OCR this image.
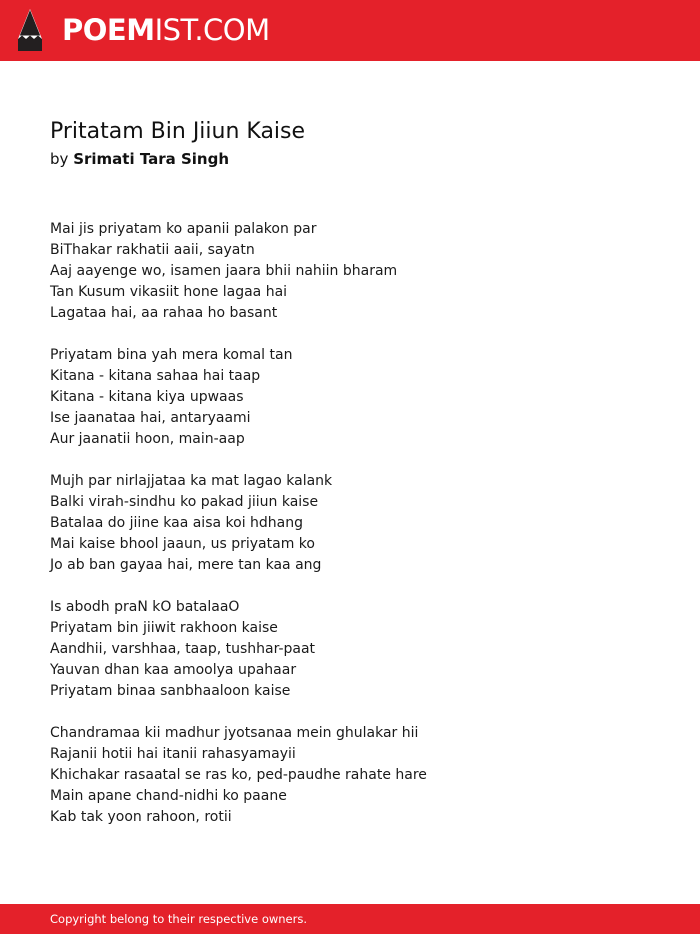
POEMIST.COM
Pritatam Bin Jiiun Kaise
by Srimati Tara Singh
Mai jis priyatam ko apanii palakon par
BiThakar rakhatii aaii, sayatn
Aaj aayenge wo, isamen jaara bhii nahiin bharam
Tan Kusum vikasiit hone lagaa hai
Lagataa hai, aa rahaa ho basant
Priyatam bina yah mera komal tan
Kitana - kitana sahaa hai taap
Kitana - kitana kiya upwaas
Ise jaanataa hai, antaryaami
Aur jaanatii hoon, main-aap
Mujh par nirlajjataa ka mat lagao kalank
Balki virah-sindhu ko pakad jiiun kaise
Batalaa do jiine kaa aisa koi hdhang
Mai kaise bhool jaaun, us priyatam ko
Jo ab ban gayaa hai, mere tan kaa ang
Is abodh praN kO batalaaO
Priyatam bin jiiwit rakhoon kaise
Aandhii, varshhaa, taap, tushhar-paat
Yauvan dhan kaa amoolya upahaar
Priyatam binaa sanbhaaloon kaise
Chandramaa kii madhur jyotsanaa mein ghulakar hii
Rajanii hotii hai itanii rahasyamayii
Khichakar rasaatal se ras ko, ped-paudhe rahate hare
Main apane chand-nidhi ko paane
Kab tak yoon rahoon, rotii
Copyright belong to their respective owners.
